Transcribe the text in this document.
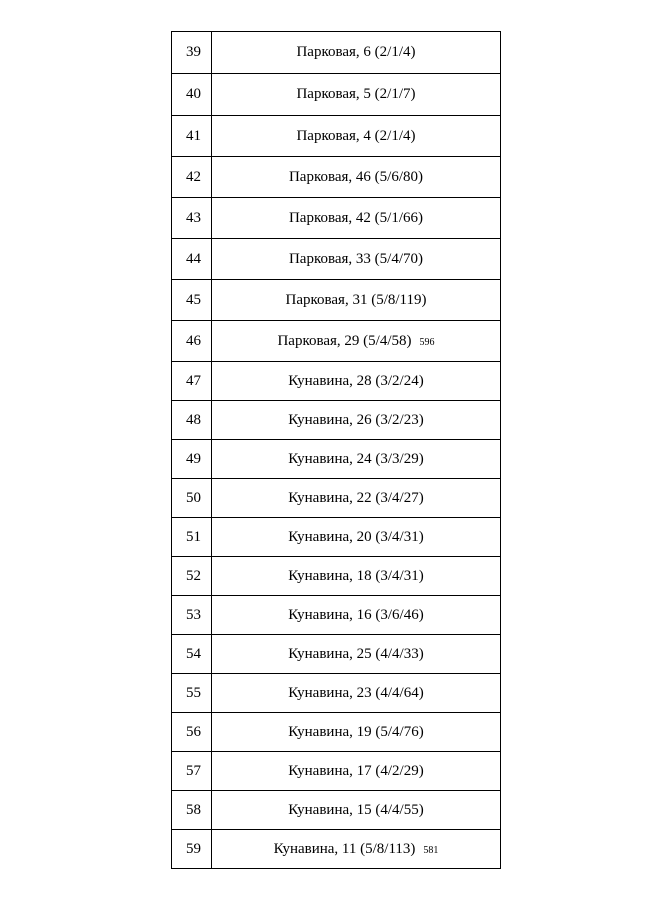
39	Парковая, 6 (2/1/4)
40	Парковая, 5 (2/1/7)
41	Парковая, 4 (2/1/4)
42	Парковая, 46 (5/6/80)
43	Парковая, 42 (5/1/66)
44	Парковая, 33 (5/4/70)
45	Парковая, 31 (5/8/119)
46	Парковая, 29 (5/4/58) 596
47	Кунавина, 28 (3/2/24)
48	Кунавина, 26 (3/2/23)
49	Кунавина, 24 (3/3/29)
50	Кунавина, 22 (3/4/27)
51	Кунавина, 20 (3/4/31)
52	Кунавина, 18 (3/4/31)
53	Кунавина, 16 (3/6/46)
54	Кунавина, 25 (4/4/33)
55	Кунавина, 23 (4/4/64)
56	Кунавина, 19 (5/4/76)
57	Кунавина, 17 (4/2/29)
58	Кунавина, 15 (4/4/55)
59	Кунавина, 11 (5/8/113) 581
